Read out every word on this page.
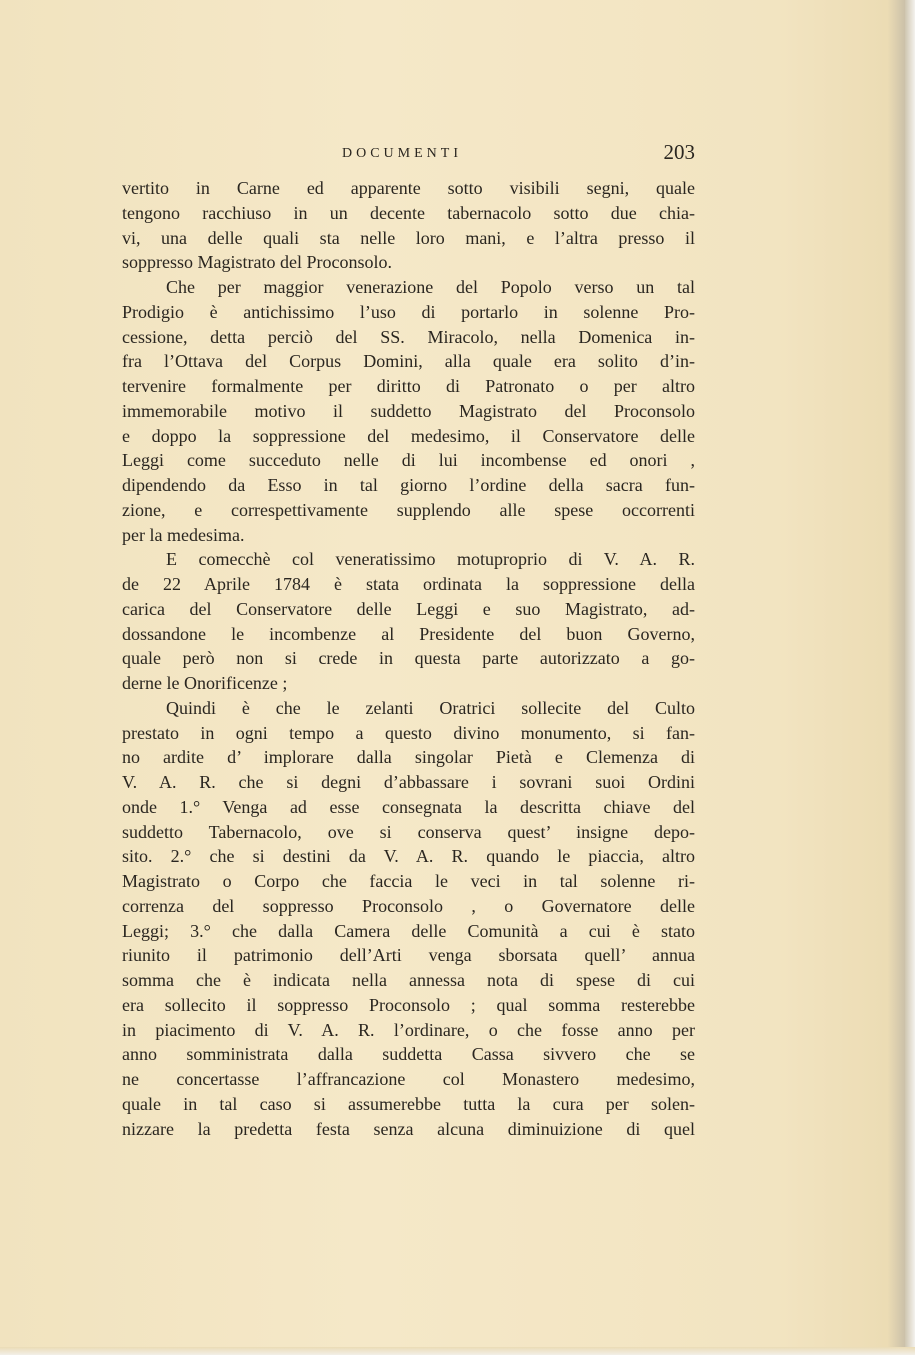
DOCUMENTI	203
vertito in Carne ed apparente sotto visibili segni, quale
tengono racchiuso in un decente tabernacolo sotto due chia-
vi, una delle quali sta nelle loro mani, e l’altra presso il
soppresso Magistrato del Proconsolo.
Che per maggior venerazione del Popolo verso un tal
Prodigio è antichissimo l’uso di portarlo in solenne Pro-
cessione, detta perciò del SS. Miracolo, nella Domenica in-
fra l’Ottava del Corpus Domini, alla quale era solito d’in-
tervenire formalmente per diritto di Patronato o per altro
immemorabile motivo il suddetto Magistrato del Proconsolo
e doppo la soppressione del medesimo, il Conservatore delle
Leggi come succeduto nelle di lui incombense ed onori ,
dipendendo da Esso in tal giorno l’ordine della sacra fun-
zione, e correspettivamente supplendo alle spese occorrenti
per la medesima.
E comecchè col veneratissimo motuproprio di V. A. R.
de 22 Aprile 1784 è stata ordinata la soppressione della
carica del Conservatore delle Leggi e suo Magistrato, ad-
dossandone le incombenze al Presidente del buon Governo,
quale però non si crede in questa parte autorizzato a go-
derne le Onorificenze ;
Quindi è che le zelanti Oratrici sollecite del Culto
prestato in ogni tempo a questo divino monumento, si fan-
no ardite d’ implorare dalla singolar Pietà e Clemenza di
V. A. R. che si degni d’abbassare i sovrani suoi Ordini
onde 1.° Venga ad esse consegnata la descritta chiave del
suddetto Tabernacolo, ove si conserva quest’ insigne depo-
sito. 2.° che si destini da V. A. R. quando le piaccia, altro
Magistrato o Corpo che faccia le veci in tal solenne ri-
correnza del soppresso Proconsolo , o Governatore delle
Leggi; 3.° che dalla Camera delle Comunità a cui è stato
riunito il patrimonio dell’Arti venga sborsata quell’ annua
somma che è indicata nella annessa nota di spese di cui
era sollecito il soppresso Proconsolo ; qual somma resterebbe
in piacimento di V. A. R. l’ordinare, o che fosse anno per
anno somministrata dalla suddetta Cassa sivvero che se
ne concertasse l’affrancazione col Monastero medesimo,
quale in tal caso si assumerebbe tutta la cura per solen-
nizzare la predetta festa senza alcuna diminuizione di quel
